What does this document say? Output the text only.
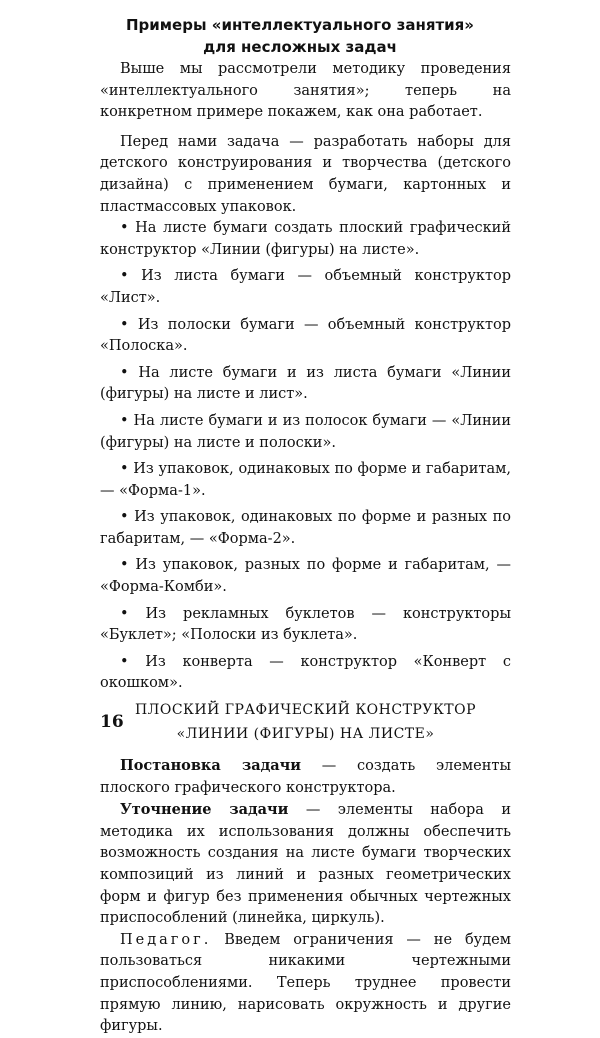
Примеры «интеллектуального занятия»
для несложных задач

Выше мы рассмотрели методику проведения «интеллектуального занятия»; теперь на конкретном примере покажем, как она работает.

Перед нами задача — разработать наборы для детского конструирования и творчества (детского дизайна) с применением бумаги, картонных и пластмассовых упаковок.

• На листе бумаги создать плоский графический конструктор «Линии (фигуры) на листе».

• Из листа бумаги — объемный конструктор «Лист».

• Из полоски бумаги — объемный конструктор «Полоска».

• На листе бумаги и из листа бумаги «Линии (фигуры) на листе и лист».

• На листе бумаги и из полосок бумаги — «Линии (фигуры) на листе и полоски».

• Из упаковок, одинаковых по форме и габаритам, — «Форма-1».

• Из упаковок, одинаковых по форме и разных по габаритам, — «Форма-2».

• Из упаковок, разных по форме и габаритам, — «Форма-Комби».

• Из рекламных буклетов — конструкторы «Буклет»; «Полоски из буклета».

• Из конверта — конструктор «Конверт с окошком».

ПЛОСКИЙ ГРАФИЧЕСКИЙ КОНСТРУКТОР
«ЛИНИИ (ФИГУРЫ) НА ЛИСТЕ»

Постановка задачи — создать элементы плоского графического конструктора.

Уточнение задачи — элементы набора и методика их использования должны обеспечить возможность создания на листе бумаги творческих композиций из линий и разных геометрических форм и фигур без применения обычных чертежных приспособлений (линейка, циркуль).

Педагог. Введем ограничения — не будем пользоваться никакими чертежными приспособлениями. Теперь труднее провести прямую линию, нарисовать окружность и другие фигуры.

16
